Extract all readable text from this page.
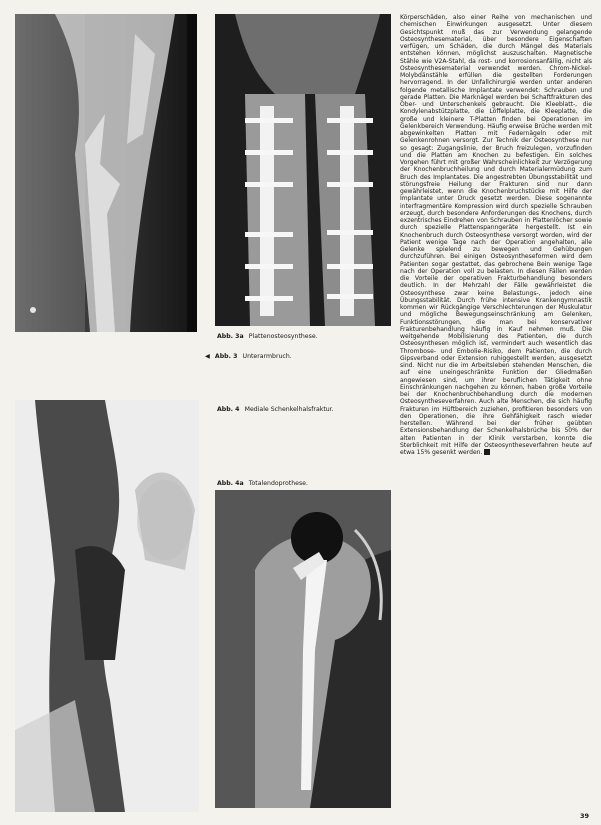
Abb. 3a Plattenosteosynthese.
◀ Abb. 3 Unterarmbruch.
Abb. 4 Mediale Schenkelhalsfraktur.
Abb. 4a Totalendoprothese.

Körperschäden, also einer Reihe von mechanischen und chemischen Einwirkungen ausgesetzt. Unter diesem Gesichtspunkt muß das zur Verwendung gelangende Osteosynthesematerial, über besondere Eigenschaften verfügen, um Schäden, die durch Mängel des Materials entstehen können, möglichst auszuschalten. Magnetische Stähle wie V2A-Stahl, da rost- und korrosionsanfällig, nicht als Osteosynthesematerial verwendet werden. Chrom-Nickel-Molybdänstähle erfüllen die gestellten Forderungen hervorragend. In der Unfallchirurgie werden unter anderen folgende metallische Implantate verwendet: Schrauben und gerade Platten. Die Marknägel werden bei Schaftfrakturen des Ober- und Unterschenkels gebraucht. Die Kleeblatt-, die Kondylenabstützplatte, die Löffelplatte, die Kleeplatte, die große und kleinere T-Platten finden bei Operationen im Gelenkbereich Verwendung. Häufig erweise Brüche werden mit abgewinkelten Platten mit Federnägeln oder mit Gelenkenrohnen versorgt. Zur Technik der Osteosynthese nur so gesagt: Zugangslinie, der Bruch freizulegen, vorzufinden und die Platten am Knochen zu befestigen. Ein solches Vorgehen führt mit großer Wahrscheinlichkeit zur Verzögerung der Knochenbruchheilung und durch Materialermüdung zum Bruch des Implantates. Die angestrebten Übungsstabilität und störungsfreie Heilung der Frakturen sind nur dann gewährleistet, wenn die Knochenbruchstücke mit Hilfe der Implantate unter Druck gesetzt werden. Diese sogenannte interfragmentäre Kompression wird durch spezielle Schrauben erzeugt, durch besondere Anforderungen des Knochens, durch exzentrisches Eindrehen von Schrauben in Plattenlöcher sowie durch spezielle Plattenspanngeräte hergestellt. Ist ein Knochenbruch durch Osteosynthese versorgt worden, wird der Patient wenige Tage nach der Operation angehalten, alle Gelenke spielend zu bewegen und Gehübungen durchzuführen. Bei einigen Osteosyntheseformen wird dem Patienten sogar gestattet, das gebrochene Bein wenige Tage nach der Operation voll zu belasten. In diesen Fällen werden die Vorteile der operativen Frakturbehandlung besonders deutlich. In der Mehrzahl der Fälle gewährleistet die Osteosynthese zwar keine Belastungs-, jedoch eine Übungsstabilität. Durch frühe intensive Krankengymnastik kommen wir Rückgängige Verschlechterungen der Muskulatur und mögliche Bewegungseinschränkung am Gelenken, Funktionsstörungen, die man bei konservativer Frakturenbehandlung häufig in Kauf nehmen muß. Die weitgehende Mobilisierung des Patienten, die durch Osteosynthesen möglich ist, vermindert auch wesentlich das Thrombose- und Embolie-Risiko, dem Patienten, die durch Gipsverband oder Extension ruhiggestellt werden, ausgesetzt sind. Nicht nur die im Arbeitsleben stehenden Menschen, die auf eine uneingeschränkte Funktion der Gliedmaßen angewiesen sind, um ihrer beruflichen Tätigkeit ohne Einschränkungen nachgehen zu können, haben große Vorteile bei der Knochenbruchbehandlung durch die modernen Osteosyntheseverfahren. Auch alte Menschen, die sich häufig Frakturen im Hüftbereich zuziehen, profitieren besonders von den Operationen, die ihre Gehfähigkeit rasch wieder herstellen. Während bei der früher geübten Extensionsbehandlung der Schenkelhalsbrüche bis 50% der alten Patienten in der Klinik verstarben, konnte die Sterblichkeit mit Hilfe der Osteosyntheseverfahren heute auf etwa 15% gesenkt werden.

39
